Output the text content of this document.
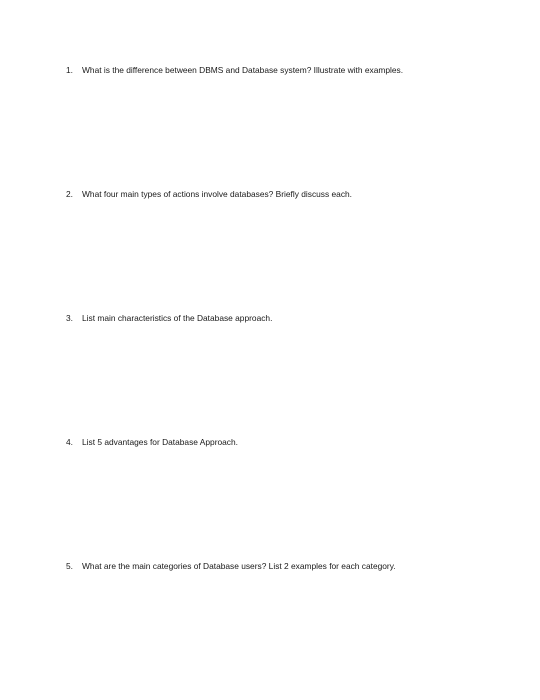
1. What is the difference between DBMS and Database system? Illustrate with examples.
2. What four main types of actions involve databases? Briefly discuss each.
3. List main characteristics of the Database approach.
4. List 5 advantages for Database Approach.
5. What are the main categories of Database users? List 2 examples for each category.
